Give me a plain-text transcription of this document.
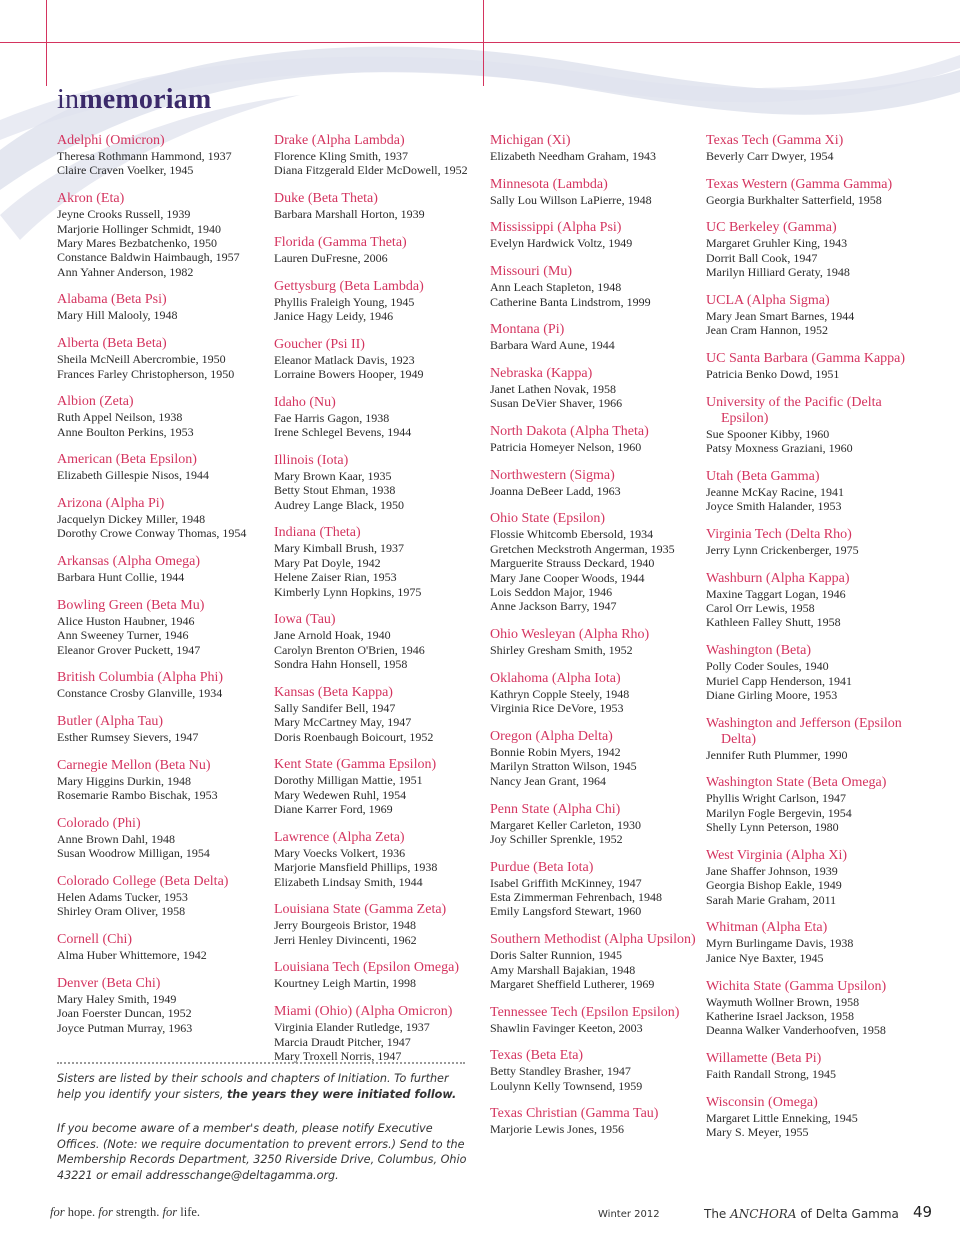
inmemoriam
Adelphi (Omicron)
Theresa Rothmann Hammond, 1937
Claire Craven Voelker, 1945
Akron (Eta)
Jeyne Crooks Russell, 1939
Marjorie Hollinger Schmidt, 1940
Mary Mares Bezbatchenko, 1950
Constance Baldwin Haimbaugh, 1957
Ann Yahner Anderson, 1982
Alabama (Beta Psi)
Mary Hill Malooly, 1948
Alberta (Beta Beta)
Sheila McNeill Abercrombie, 1950
Frances Farley Christopherson, 1950
Albion (Zeta)
Ruth Appel Neilson, 1938
Anne Boulton Perkins, 1953
American (Beta Epsilon)
Elizabeth Gillespie Nisos, 1944
Arizona (Alpha Pi)
Jacquelyn Dickey Miller, 1948
Dorothy Crowe Conway Thomas, 1954
Arkansas (Alpha Omega)
Barbara Hunt Collie, 1944
Bowling Green (Beta Mu)
Alice Huston Haubner, 1946
Ann Sweeney Turner, 1946
Eleanor Grover Puckett, 1947
British Columbia (Alpha Phi)
Constance Crosby Glanville, 1934
Butler (Alpha Tau)
Esther Rumsey Sievers, 1947
Carnegie Mellon (Beta Nu)
Mary Higgins Durkin, 1948
Rosemarie Rambo Bischak, 1953
Colorado (Phi)
Anne Brown Dahl, 1948
Susan Woodrow Milligan, 1954
Colorado College (Beta Delta)
Helen Adams Tucker, 1953
Shirley Oram Oliver, 1958
Cornell (Chi)
Alma Huber Whittemore, 1942
Denver (Beta Chi)
Mary Haley Smith, 1949
Joan Foerster Duncan, 1952
Joyce Putman Murray, 1963
Drake (Alpha Lambda)
Florence Kling Smith, 1937
Diana Fitzgerald Elder McDowell, 1952
Duke (Beta Theta)
Barbara Marshall Horton, 1939
Florida (Gamma Theta)
Lauren DuFresne, 2006
Gettysburg (Beta Lambda)
Phyllis Fraleigh Young, 1945
Janice Hagy Leidy, 1946
Goucher (Psi II)
Eleanor Matlack Davis, 1923
Lorraine Bowers Hooper, 1949
Idaho (Nu)
Fae Harris Gagon, 1938
Irene Schlegel Bevens, 1944
Illinois (Iota)
Mary Brown Kaar, 1935
Betty Stout Ehman, 1938
Audrey Lange Black, 1950
Indiana (Theta)
Mary Kimball Brush, 1937
Mary Pat Doyle, 1942
Helene Zaiser Rian, 1953
Kimberly Lynn Hopkins, 1975
Iowa (Tau)
Jane Arnold Hoak, 1940
Carolyn Brenton O'Brien, 1946
Sondra Hahn Honsell, 1958
Kansas (Beta Kappa)
Sally Sandifer Bell, 1947
Mary McCartney May, 1947
Doris Roenbaugh Boicourt, 1952
Kent State (Gamma Epsilon)
Dorothy Milligan Mattie, 1951
Mary Wedewen Ruhl, 1954
Diane Karrer Ford, 1969
Lawrence (Alpha Zeta)
Mary Voecks Volkert, 1936
Marjorie Mansfield Phillips, 1938
Elizabeth Lindsay Smith, 1944
Louisiana State (Gamma Zeta)
Jerry Bourgeois Bristor, 1948
Jerri Henley Divincenti, 1962
Louisiana Tech (Epsilon Omega)
Kourtney Leigh Martin, 1998
Miami (Ohio) (Alpha Omicron)
Virginia Elander Rutledge, 1937
Marcia Draudt Pitcher, 1947
Mary Troxell Norris, 1947
Michigan (Xi)
Elizabeth Needham Graham, 1943
Minnesota (Lambda)
Sally Lou Willson LaPierre, 1948
Mississippi (Alpha Psi)
Evelyn Hardwick Voltz, 1949
Missouri (Mu)
Ann Leach Stapleton, 1948
Catherine Banta Lindstrom, 1999
Montana (Pi)
Barbara Ward Aune, 1944
Nebraska (Kappa)
Janet Lathen Novak, 1958
Susan DeVier Shaver, 1966
North Dakota (Alpha Theta)
Patricia Homeyer Nelson, 1960
Northwestern (Sigma)
Joanna DeBeer Ladd, 1963
Ohio State (Epsilon)
Flossie Whitcomb Ebersold, 1934
Gretchen Meckstroth Angerman, 1935
Marguerite Strauss Deckard, 1940
Mary Jane Cooper Woods, 1944
Lois Seddon Major, 1946
Anne Jackson Barry, 1947
Ohio Wesleyan (Alpha Rho)
Shirley Gresham Smith, 1952
Oklahoma (Alpha Iota)
Kathryn Copple Steely, 1948
Virginia Rice DeVore, 1953
Oregon (Alpha Delta)
Bonnie Robin Myers, 1942
Marilyn Stratton Wilson, 1945
Nancy Jean Grant, 1964
Penn State (Alpha Chi)
Margaret Keller Carleton, 1930
Joy Schiller Sprenkle, 1952
Purdue (Beta Iota)
Isabel Griffith McKinney, 1947
Esta Zimmerman Fehrenbach, 1948
Emily Langsford Stewart, 1960
Southern Methodist (Alpha Upsilon)
Doris Salter Runnion, 1945
Amy Marshall Bajakian, 1948
Margaret Sheffield Lutherer, 1969
Tennessee Tech (Epsilon Epsilon)
Shawlin Favinger Keeton, 2003
Texas (Beta Eta)
Betty Standley Brasher, 1947
Loulynn Kelly Townsend, 1959
Texas Christian (Gamma Tau)
Marjorie Lewis Jones, 1956
Texas Tech (Gamma Xi)
Beverly Carr Dwyer, 1954
Texas Western (Gamma Gamma)
Georgia Burkhalter Satterfield, 1958
UC Berkeley (Gamma)
Margaret Gruhler King, 1943
Dorrit Ball Cook, 1947
Marilyn Hilliard Geraty, 1948
UCLA (Alpha Sigma)
Mary Jean Smart Barnes, 1944
Jean Cram Hannon, 1952
UC Santa Barbara (Gamma Kappa)
Patricia Benko Dowd, 1951
University of the Pacific (Delta Epsilon)
Sue Spooner Kibby, 1960
Patsy Moxness Graziani, 1960
Utah (Beta Gamma)
Jeanne McKay Racine, 1941
Joyce Smith Halander, 1953
Virginia Tech (Delta Rho)
Jerry Lynn Crickenberger, 1975
Washburn (Alpha Kappa)
Maxine Taggart Logan, 1946
Carol Orr Lewis, 1958
Kathleen Falley Shutt, 1958
Washington (Beta)
Polly Coder Soules, 1940
Muriel Capp Henderson, 1941
Diane Girling Moore, 1953
Washington and Jefferson (Epsilon Delta)
Jennifer Ruth Plummer, 1990
Washington State (Beta Omega)
Phyllis Wright Carlson, 1947
Marilyn Fogle Bergevin, 1954
Shelly Lynn Peterson, 1980
West Virginia (Alpha Xi)
Jane Shaffer Johnson, 1939
Georgia Bishop Eakle, 1949
Sarah Marie Graham, 2011
Whitman (Alpha Eta)
Myrn Burlingame Davis, 1938
Janice Nye Baxter, 1945
Wichita State (Gamma Upsilon)
Waymuth Wollner Brown, 1958
Katherine Israel Jackson, 1958
Deanna Walker Vanderhoofven, 1958
Willamette (Beta Pi)
Faith Randall Strong, 1945
Wisconsin (Omega)
Margaret Little Enneking, 1945
Mary S. Meyer, 1955
Sisters are listed by their schools and chapters of Initiation. To further help you identify your sisters, the years they were initiated follow.
If you become aware of a member's death, please notify Executive Offices. (Note: we require documentation to prevent errors.) Send to the Membership Records Department, 3250 Riverside Drive, Columbus, Ohio 43221 or email addresschange@deltagamma.org.
for hope. for strength. for life.	Winter 2012	The ANCHORA of Delta Gamma 49
